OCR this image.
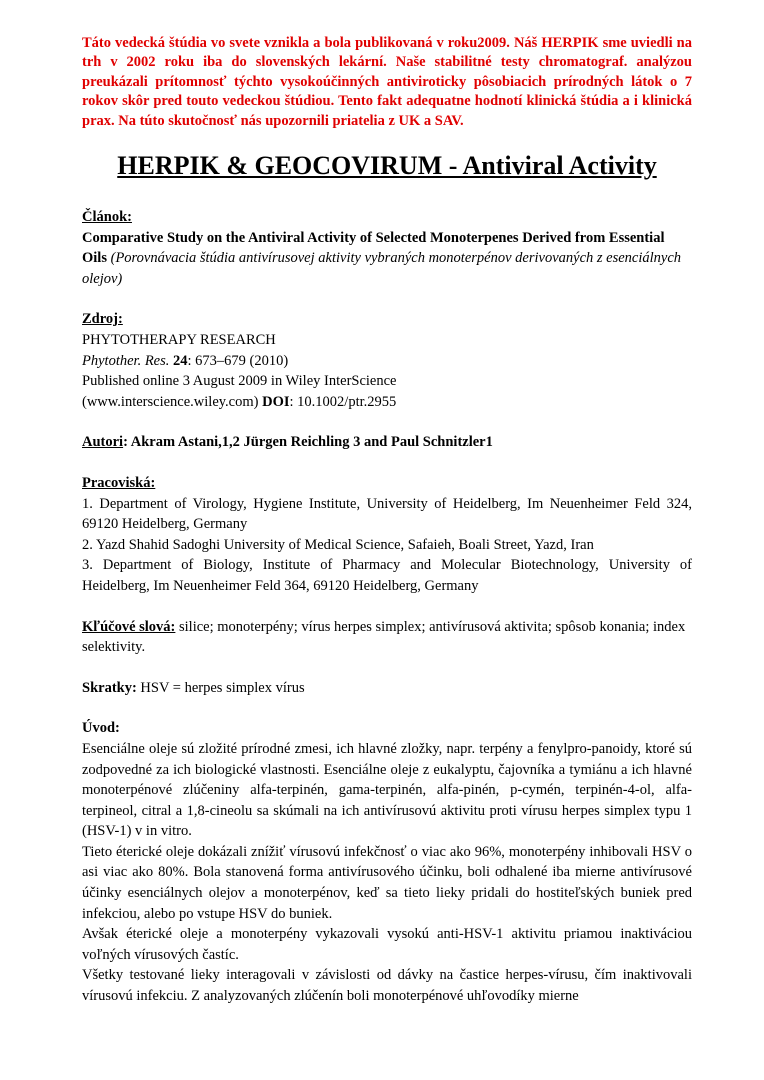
Táto vedecká štúdia vo svete vznikla a bola publikovaná v roku2009. Náš HERPIK sme uviedli na trh v 2002 roku iba do slovenských lekární. Naše stabilitné testy chromatograf. analýzou preukázali prítomnosť týchto vysokoúčinných antiviroticky pôsobiacich prírodných látok o 7 rokov skôr pred touto vedeckou štúdiou. Tento fakt adequatne hodnotí klinická štúdia a i klinická prax. Na túto skutočnosť nás upozornili priatelia z UK a SAV.

HERPIK & GEOCOVIRUM - Antiviral Activity
Článok:
Comparative Study on the Antiviral Activity of Selected Monoterpenes Derived from Essential Oils (Porovnávacia štúdia antivírusovej aktivity vybraných monoterpénov derivovaných z esenciálnych olejov)
Zdroj:
PHYTOTHERAPY RESEARCH
Phytother. Res. 24: 673–679 (2010)
Published online 3 August 2009 in Wiley InterScience
(www.interscience.wiley.com) DOI: 10.1002/ptr.2955
Autori: Akram Astani,1,2 Jürgen Reichling 3 and Paul Schnitzler1
Pracoviská:
1. Department of Virology, Hygiene Institute, University of Heidelberg, Im Neuenheimer Feld 324, 69120 Heidelberg, Germany
2. Yazd Shahid Sadoghi University of Medical Science, Safaieh, Boali Street, Yazd, Iran
3. Department of Biology, Institute of Pharmacy and Molecular Biotechnology, University of Heidelberg, Im Neuenheimer Feld 364, 69120 Heidelberg, Germany
Kľúčové slová: silice; monoterpény; vírus herpes simplex; antivírusová aktivita; spôsob konania; index selektivity.
Skratky: HSV = herpes simplex vírus
Úvod:
Esenciálne oleje sú zložité prírodné zmesi, ich hlavné zložky, napr. terpény a fenylpro-panoidy, ktoré sú zodpovedné za ich biologické vlastnosti. Esenciálne oleje z eukalyptu, čajovníka a tymiánu a ich hlavné monoterpénové zlúčeniny alfa-terpinén, gama-terpinén, alfa-pinén, p-cymén, terpinén-4-ol, alfa-terpineol, citral a 1,8-cineolu sa skúmali na ich antivírusovú aktivitu proti vírusu herpes simplex typu 1 (HSV-1) v in vitro.
Tieto éterické oleje dokázali znížiť vírusovú infekčnosť o viac ako 96%, monoterpény inhibovali HSV o asi viac ako 80%. Bola stanovená forma antivírusového účinku, boli odhalené iba mierne antivírusové účinky esenciálnych olejov a monoterpénov, keď sa tieto lieky pridali do hostiteľských buniek pred infekciou, alebo po vstupe HSV do buniek.
Avšak éterické oleje a monoterpény vykazovali vysokú anti-HSV-1 aktivitu priamou inaktiváciou voľných vírusových častíc.
Všetky testované lieky interagovali v závislosti od dávky na častice herpes-vírusu, čím inaktivovali vírusovú infekciu. Z analyzovaných zlúčenín boli monoterpénové uhľovodíky mierne
